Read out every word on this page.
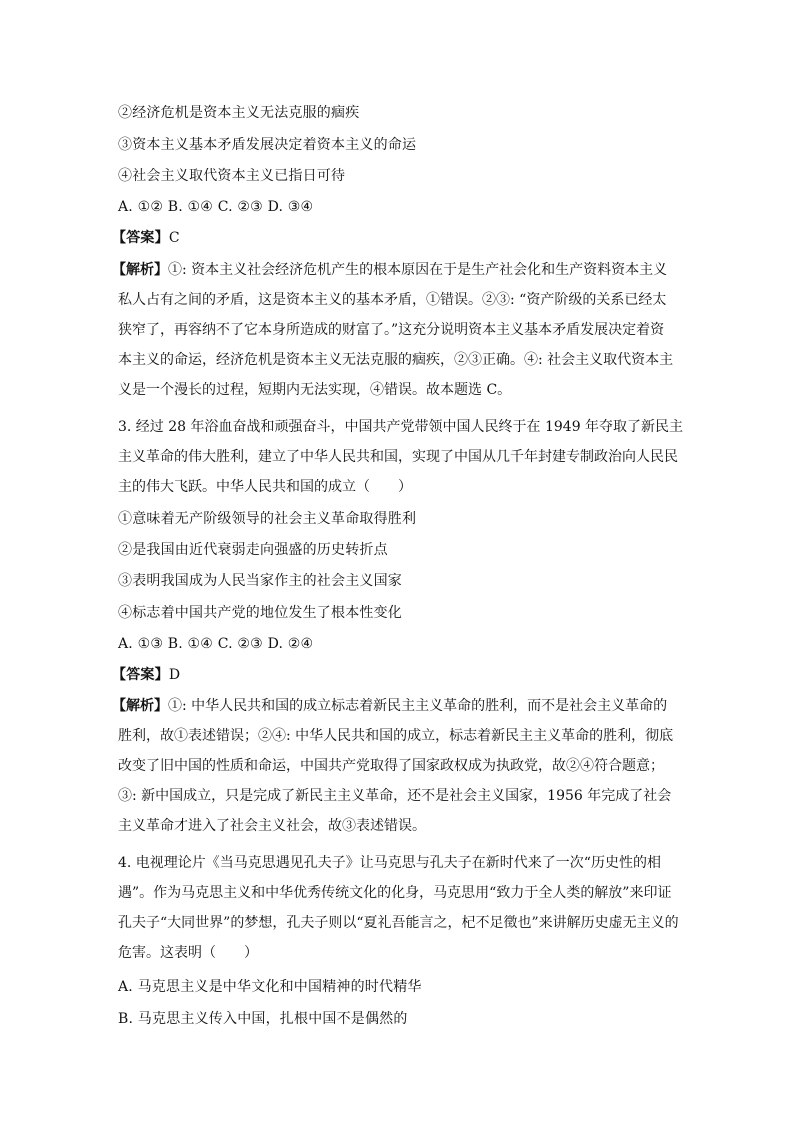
②经济危机是资本主义无法克服的痼疾
③资本主义基本矛盾发展决定着资本主义的命运
④社会主义取代资本主义已指日可待
A. ①② B. ①④ C. ②③ D. ③④
【答案】C
【解析】①: 资本主义社会经济危机产生的根本原因在于是生产社会化和生产资料资本主义
私人占有之间的矛盾，这是资本主义的基本矛盾，①错误。②③: “资产阶级的关系已经太
狭窄了，再容纳不了它本身所造成的财富了。”这充分说明资本主义基本矛盾发展决定着资
本主义的命运，经济危机是资本主义无法克服的痼疾，②③正确。④: 社会主义取代资本主
义是一个漫长的过程，短期内无法实现，④错误。故本题选 C。
3. 经过 28 年浴血奋战和顽强奋斗，中国共产党带领中国人民终于在 1949 年夺取了新民主
主义革命的伟大胜利，建立了中华人民共和国，实现了中国从几千年封建专制政治向人民民
主的伟大飞跃。中华人民共和国的成立（　　）
①意味着无产阶级领导的社会主义革命取得胜利
②是我国由近代衰弱走向强盛的历史转折点
③表明我国成为人民当家作主的社会主义国家
④标志着中国共产党的地位发生了根本性变化
A. ①③ B. ①④ C. ②③ D. ②④
【答案】D
【解析】①: 中华人民共和国的成立标志着新民主主义革命的胜利，而不是社会主义革命的
胜利，故①表述错误；②④: 中华人民共和国的成立，标志着新民主主义革命的胜利，彻底
改变了旧中国的性质和命运，中国共产党取得了国家政权成为执政党，故②④符合题意；
③: 新中国成立，只是完成了新民主主义革命，还不是社会主义国家，1956 年完成了社会
主义革命才进入了社会主义社会，故③表述错误。
4. 电视理论片《当马克思遇见孔夫子》让马克思与孔夫子在新时代来了一次“历史性的相
遇”。作为马克思主义和中华优秀传统文化的化身，马克思用“致力于全人类的解放”来印证
孔夫子“大同世界”的梦想，孔夫子则以“夏礼吾能言之，杞不足徵也”来讲解历史虚无主义的
危害。这表明（　　）
A. 马克思主义是中华文化和中国精神的时代精华
B. 马克思主义传入中国，扎根中国不是偶然的
